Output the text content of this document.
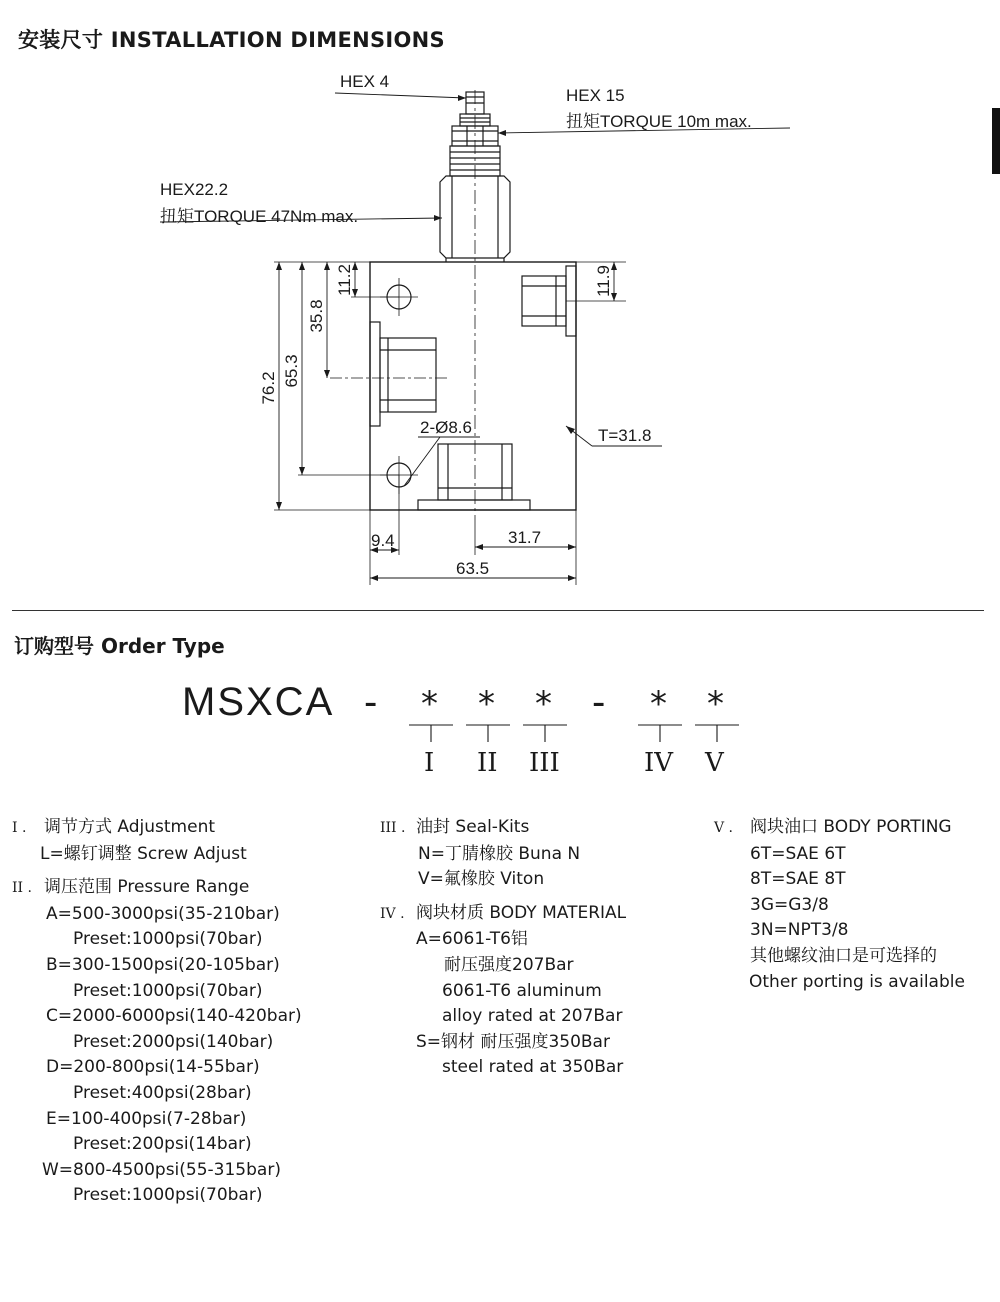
安装尺寸 INSTALLATION DIMENSIONS
76.2
65.3
35.8
11.2	11.9
2-Ø8.6	T=31.8
9.4	31.7
63.5
HEX 4
HEX 15
扭矩TORQUE 10m max.
HEX22.2
扭矩TORQUE 47Nm max.
订购型号 Order Type
MSXCA -	-
* * *	* *
I II III	IV V
I . 调节方式 Adjustment
L=螺钉调整 Screw Adjust
II . 调压范围 Pressure Range
A=500-3000psi(35-210bar)
Preset:1000psi(70bar)
B=300-1500psi(20-105bar)
Preset:1000psi(70bar)
C=2000-6000psi(140-420bar)
Preset:2000psi(140bar)
D=200-800psi(14-55bar)
Preset:400psi(28bar)
E=100-400psi(7-28bar)
Preset:200psi(14bar)
W=800-4500psi(55-315bar)
Preset:1000psi(70bar)
III . 油封 Seal-Kits
N=丁腈橡胶 Buna N
V=氟橡胶 Viton
IV . 阀块材质 BODY MATERIAL
A=6061-T6铝
耐压强度207Bar
6061-T6 aluminum
alloy rated at 207Bar
S=钢材 耐压强度350Bar
steel rated at 350Bar
V . 阀块油口 BODY PORTING
6T=SAE 6T
8T=SAE 8T
3G=G3/8
3N=NPT3/8
其他螺纹油口是可选择的
Other porting is available
